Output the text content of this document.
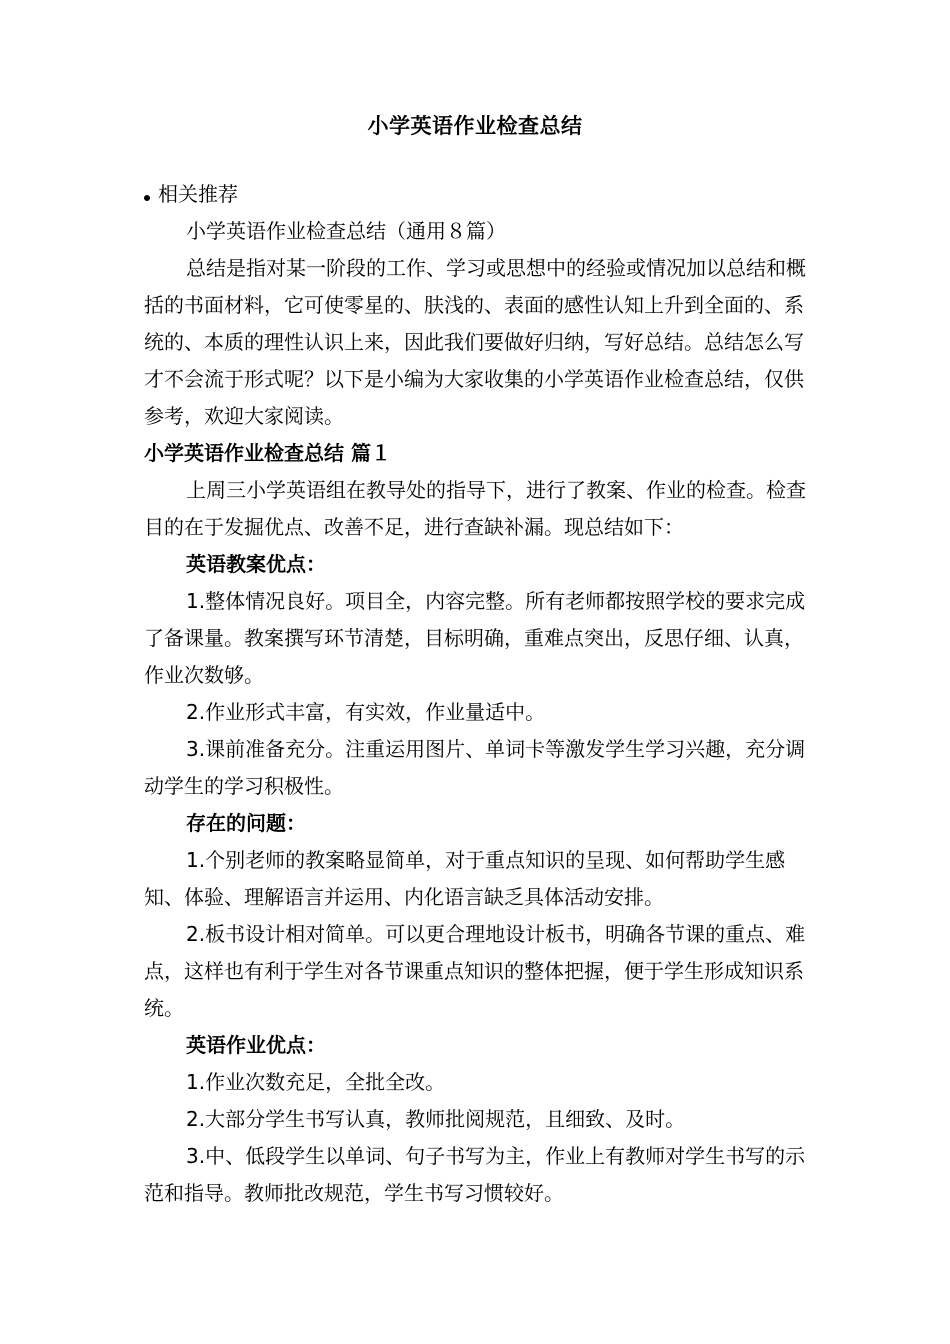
小学英语作业检查总结

相关推荐

小学英语作业检查总结（通用８篇）

总结是指对某一阶段的工作、学习或思想中的经验或情况加以总结和概括的书面材料，它可使零星的、肤浅的、表面的感性认知上升到全面的、系统的、本质的理性认识上来，因此我们要做好归纳，写好总结。总结怎么写才不会流于形式呢？以下是小编为大家收集的小学英语作业检查总结，仅供参考，欢迎大家阅读。

小学英语作业检查总结 篇１

上周三小学英语组在教导处的指导下，进行了教案、作业的检查。检查目的在于发掘优点、改善不足，进行查缺补漏。现总结如下：

英语教案优点：

1.整体情况良好。项目全，内容完整。所有老师都按照学校的要求完成了备课量。教案撰写环节清楚，目标明确，重难点突出，反思仔细、认真，作业次数够。

2.作业形式丰富，有实效，作业量适中。

3.课前准备充分。注重运用图片、单词卡等激发学生学习兴趣，充分调动学生的学习积极性。

存在的问题：

1.个别老师的教案略显简单，对于重点知识的呈现、如何帮助学生感知、体验、理解语言并运用、内化语言缺乏具体活动安排。

2.板书设计相对简单。可以更合理地设计板书，明确各节课的重点、难点，这样也有利于学生对各节课重点知识的整体把握，便于学生形成知识系统。

英语作业优点：

1.作业次数充足，全批全改。

2.大部分学生书写认真，教师批阅规范，且细致、及时。

3.中、低段学生以单词、句子书写为主，作业上有教师对学生书写的示范和指导。教师批改规范，学生书写习惯较好。
